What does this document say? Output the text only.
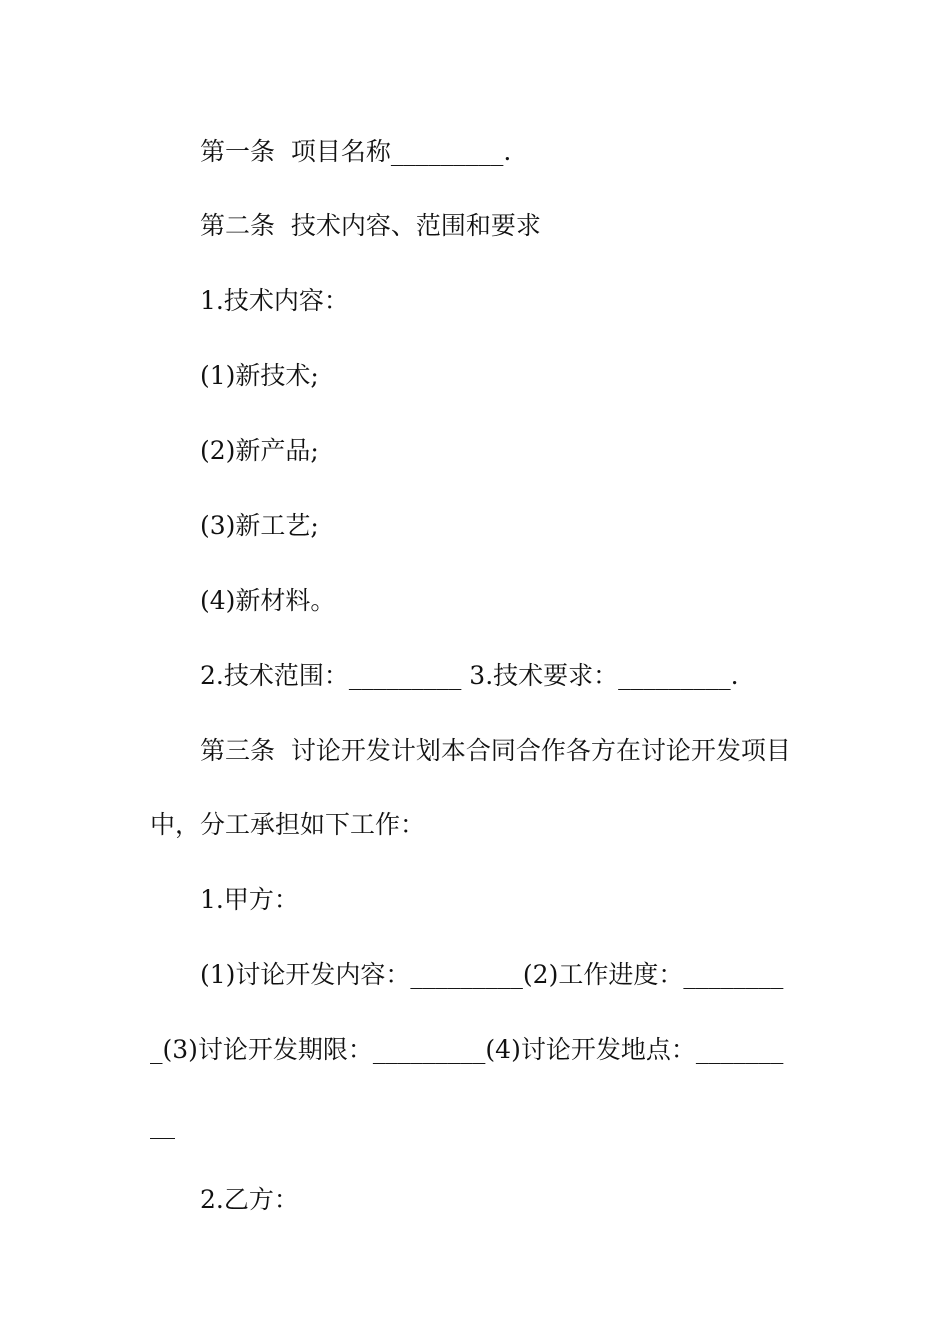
第一条  项目名称_________.
第二条  技术内容、范围和要求
1.技术内容：
(1)新技术;
(2)新产品;
(3)新工艺;
(4)新材料。
2.技术范围：_________ 3.技术要求：_________.
第三条  讨论开发计划本合同合作各方在讨论开发项目
中，分工承担如下工作：
1.甲方：
(1)讨论开发内容：_________(2)工作进度：________
_(3)讨论开发期限：_________(4)讨论开发地点：_______
__
2.乙方：
